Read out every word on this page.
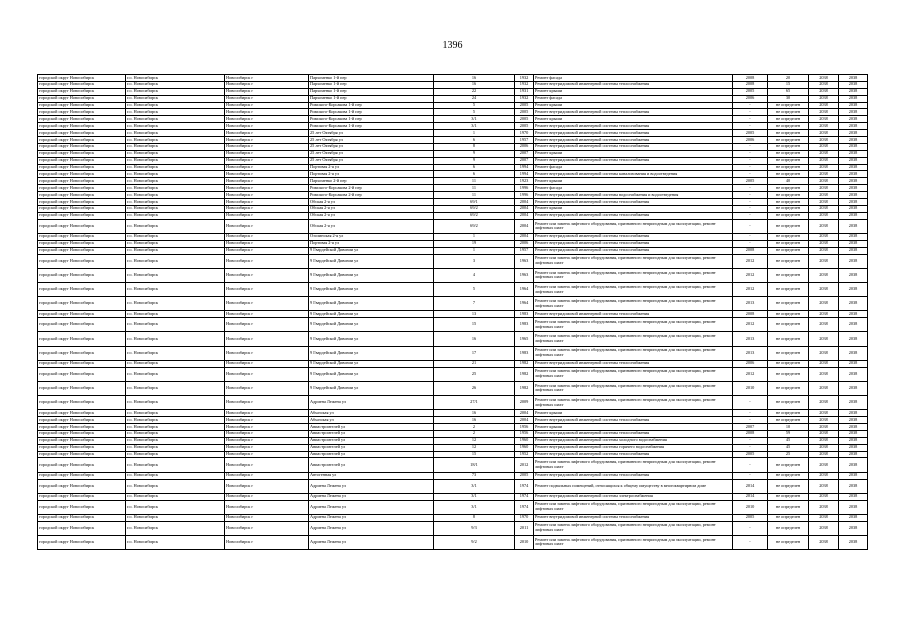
1396
городской округ Новосибирск	г.о. Новосибирск	Новосибирск г	Пархоменко 1-й пер	16	1932	Ремонт фасада	2008	20	2038	2038
городской округ Новосибирск	г.о. Новосибирск	Новосибирск г	Пархоменко 1-й пер	16	1932	Ремонт внутридомовой инженерной системы теплоснабжения	2008	15	2038	2038
городской округ Новосибирск	г.о. Новосибирск	Новосибирск г	Пархоменко 1-й пер	22	1931	Ремонт крыши	2005	65	2038	2038
городской округ Новосибирск	г.о. Новосибирск	Новосибирск г	Пархоменко 1-й пер	24	1932	Ремонт фасада	2006	30	2038	2038
городской округ Новосибирск	г.о. Новосибирск	Новосибирск г	Римского-Корсакова 1-й пер	5	2005	Ремонт крыши	-	не определен	2038	2038
городской округ Новосибирск	г.о. Новосибирск	Новосибирск г	Римского-Корсакова 1-й пер	5	2005	Ремонт внутридомовой инженерной системы теплоснабжения	-	не определен	2038	2038
городской округ Новосибирск	г.о. Новосибирск	Новосибирск г	Римского-Корсакова 1-й пер	3/1	2005	Ремонт крыши	-	не определен	2038	2038
городской округ Новосибирск	г.о. Новосибирск	Новосибирск г	Римского-Корсакова 1-й пер	3/1	2005	Ремонт внутридомовой инженерной системы теплоснабжения	-	не определен	2038	2038
городской округ Новосибирск	г.о. Новосибирск	Новосибирск г	25 лет Октября ул	1	1970	Ремонт внутридомовой инженерной системы теплоснабжения	2005	не определен	2038	2038
городской округ Новосибирск	г.о. Новосибирск	Новосибирск г	25 лет Октября ул	6	1957	Ремонт внутридомовой инженерной системы теплоснабжения	2006	не определен	2038	2038
городской округ Новосибирск	г.о. Новосибирск	Новосибирск г	25 лет Октября ул	8	2006	Ремонт внутридомовой инженерной системы теплоснабжения	-	не определен	2038	2038
городской округ Новосибирск	г.о. Новосибирск	Новосибирск г	25 лет Октября ул	9	2007	Ремонт крыши	-	не определен	2038	2038
городской округ Новосибирск	г.о. Новосибирск	Новосибирск г	25 лет Октября ул	9	2007	Ремонт внутридомовой инженерной системы теплоснабжения	-	не определен	2038	2038
городской округ Новосибирск	г.о. Новосибирск	Новосибирск г	Портовая 2-я ул	6	1994	Ремонт фасада	-	не определен	2038	2038
городской округ Новосибирск	г.о. Новосибирск	Новосибирск г	Портовая 2-я ул	6	1994	Ремонт внутридомовой инженерной системы канализования и водоотведения	-	не определен	2038	2038
городской округ Новосибирск	г.о. Новосибирск	Новосибирск г	Пархоменко 2-й пер	11	1923	Ремонт крыши	2005	40	2038	2038
городской округ Новосибирск	г.о. Новосибирск	Новосибирск г	Римского-Корсакова 2-й пер	11	1996	Ремонт фасада	-	не определен	2038	2038
городской округ Новосибирск	г.о. Новосибирск	Новосибирск г	Римского-Корсакова 2-й пер	11	1996	Ремонт внутридомовой инженерной системы водоснабжения и водоотведения	-	не определен	2038	2038
городской округ Новосибирск	г.о. Новосибирск	Новосибирск г	Обская 2-я ул	69/1	2004	Ремонт внутридомовой инженерной системы теплоснабжения	-	не определен	2038	2038
городской округ Новосибирск	г.о. Новосибирск	Новосибирск г	Обская 2-я ул	69/2	2004	Ремонт крыши	-	не определен	2038	2038
городской округ Новосибирск	г.о. Новосибирск	Новосибирск г	Обская 2-я ул	69/2	2004	Ремонт внутридомовой инженерной системы теплоснабжения	-	не определен	2038	2038
городской округ Новосибирск	г.о. Новосибирск	Новосибирск г	Обская 2-я ул	69/2	2004	Ремонт или замена лифтового оборудования, признанного непригодным для эксплуатации, ремонт лифтовых шахт	-	не определен	2038	2038
городской округ Новосибирск	г.о. Новосибирск	Новосибирск г	Озолинская 2-я ул	1	2004	Ремонт внутридомовой инженерной системы теплоснабжения	-	не определен	2038	2038
городской округ Новосибирск	г.о. Новосибирск	Новосибирск г	Портовая 2-я ул	19	2006	Ремонт внутридомовой инженерной системы теплоснабжения	-	не определен	2038	2038
городской округ Новосибирск	г.о. Новосибирск	Новосибирск г	9 Гвардейской Дивизии ул	1	1957	Ремонт внутридомовой инженерной системы теплоснабжения	2008	не определен	2038	2038
городской округ Новосибирск	г.о. Новосибирск	Новосибирск г	9 Гвардейской Дивизии ул	3	1963	Ремонт или замена лифтового оборудования, признанного непригодным для эксплуатации, ремонт лифтовых шахт	2012	не определен	2038	2038
городской округ Новосибирск	г.о. Новосибирск	Новосибирск г	9 Гвардейской Дивизии ул	4	1963	Ремонт или замена лифтового оборудования, признанного непригодным для эксплуатации, ремонт лифтовых шахт	2012	не определен	2038	2038
городской округ Новосибирск	г.о. Новосибирск	Новосибирск г	9 Гвардейской Дивизии ул	5	1964	Ремонт или замена лифтового оборудования, признанного непригодным для эксплуатации, ремонт лифтовых шахт	2012	не определен	2038	2038
городской округ Новосибирск	г.о. Новосибирск	Новосибирск г	9 Гвардейской Дивизии ул	7	1964	Ремонт или замена лифтового оборудования, признанного непригодным для эксплуатации, ремонт лифтовых шахт	2013	не определен	2038	2038
городской округ Новосибирск	г.о. Новосибирск	Новосибирск г	9 Гвардейской Дивизии ул	13	1983	Ремонт внутридомовой инженерной системы теплоснабжения	2008	не определен	2038	2038
городской округ Новосибирск	г.о. Новосибирск	Новосибирск г	9 Гвардейской Дивизии ул	15	1983	Ремонт или замена лифтового оборудования, признанного непригодным для эксплуатации, ремонт лифтовых шахт	2012	не определен	2038	2038
городской округ Новосибирск	г.о. Новосибирск	Новосибирск г	9 Гвардейской Дивизии ул	16	1965	Ремонт или замена лифтового оборудования, признанного непригодным для эксплуатации, ремонт лифтовых шахт	2013	не определен	2038	2038
городской округ Новосибирск	г.о. Новосибирск	Новосибирск г	9 Гвардейской Дивизии ул	17	1983	Ремонт или замена лифтового оборудования, признанного непригодным для эксплуатации, ремонт лифтовых шахт	2013	не определен	2038	2038
городской округ Новосибирск	г.о. Новосибирск	Новосибирск г	9 Гвардейской Дивизии ул	21	1982	Ремонт внутридомовой инженерной системы теплоснабжения	2006	не определен	2038	2038
городской округ Новосибирск	г.о. Новосибирск	Новосибирск г	9 Гвардейской Дивизии ул	25	1982	Ремонт или замена лифтового оборудования, признанного непригодным для эксплуатации, ремонт лифтовых шахт	2012	не определен	2038	2038
городской округ Новосибирск	г.о. Новосибирск	Новосибирск г	9 Гвардейской Дивизии ул	26	1982	Ремонт или замена лифтового оборудования, признанного непригодным для эксплуатации, ремонт лифтовых шахт	2010	не определен	2038	2038
городской округ Новосибирск	г.о. Новосибирск	Новосибирск г	Адриена Лежена ул	27/1	2009	Ремонт или замена лифтового оборудования, признанного непригодным для эксплуатации, ремонт лифтовых шахт	-	не определен	2038	2038
городской округ Новосибирск	г.о. Новосибирск	Новосибирск г	Абхазская ул	16	2004	Ремонт крыши	-	не определен	2038	2038
городской округ Новосибирск	г.о. Новосибирск	Новосибирск г	Абхазская ул	16	2004	Ремонт внутридомовой инженерной системы теплоснабжения	-	не определен	2038	2038
городской округ Новосибирск	г.о. Новосибирск	Новосибирск г	Авиастроителей ул	2	1956	Ремонт крыши	2007	10	2038	2038
городской округ Новосибирск	г.о. Новосибирск	Новосибирск г	Авиастроителей ул	2	1956	Ремонт внутридомовой инженерной системы теплоснабжения	2008	59	2038	2038
городской округ Новосибирск	г.о. Новосибирск	Новосибирск г	Авиастроителей ул	12	1960	Ремонт внутридомовой инженерной системы холодного водоснабжения	-	45	2038	2038
городской округ Новосибирск	г.о. Новосибирск	Новосибирск г	Авиастроителей ул	12	1960	Ремонт внутридомовой инженерной системы горячего водоснабжения	-	45	2038	2038
городской округ Новосибирск	г.о. Новосибирск	Новосибирск г	Авиастроителей ул	15	1952	Ремонт внутридомовой инженерной системы теплоснабжения	2005	25	2038	2038
городской округ Новосибирск	г.о. Новосибирск	Новосибирск г	Авиастроителей ул	18/1	2012	Ремонт или замена лифтового оборудования, признанного непригодным для эксплуатации, ремонт лифтовых шахт	-	не определен	2038	2038
городской округ Новосибирск	г.о. Новосибирск	Новосибирск г	Автогенная ул	73	2005	Ремонт внутридомовой инженерной системы теплоснабжения	-	не определен	2038	2038
городской округ Новосибирск	г.о. Новосибирск	Новосибирск г	Адриена Лежена ул	3/1	1974	Ремонт подвальных помещений, относящихся к общему имуществу в многоквартирном доме	2014	не определен	2038	2038
городской округ Новосибирск	г.о. Новосибирск	Новосибирск г	Адриена Лежена ул	3/1	1974	Ремонт внутридомовой инженерной системы электроснабжения	2014	не определен	2038	2038
городской округ Новосибирск	г.о. Новосибирск	Новосибирск г	Адриена Лежена ул	3/1	1974	Ремонт или замена лифтового оборудования, признанного непригодным для эксплуатации, ремонт лифтовых шахт	2010	не определен	2038	2038
городской округ Новосибирск	г.о. Новосибирск	Новосибирск г	Адриена Лежена ул	8	1970	Ремонт внутридомовой инженерной системы теплоснабжения	2005	не определен	2038	2038
городской округ Новосибирск	г.о. Новосибирск	Новосибирск г	Адриена Лежена ул	9/3	2011	Ремонт или замена лифтового оборудования, признанного непригодным для эксплуатации, ремонт лифтовых шахт	-	не определен	2038	2038
городской округ Новосибирск	г.о. Новосибирск	Новосибирск г	Адриена Лежена ул	9/2	2010	Ремонт или замена лифтового оборудования, признанного непригодным для эксплуатации, ремонт лифтовых шахт	-	не определен	2038	2038
